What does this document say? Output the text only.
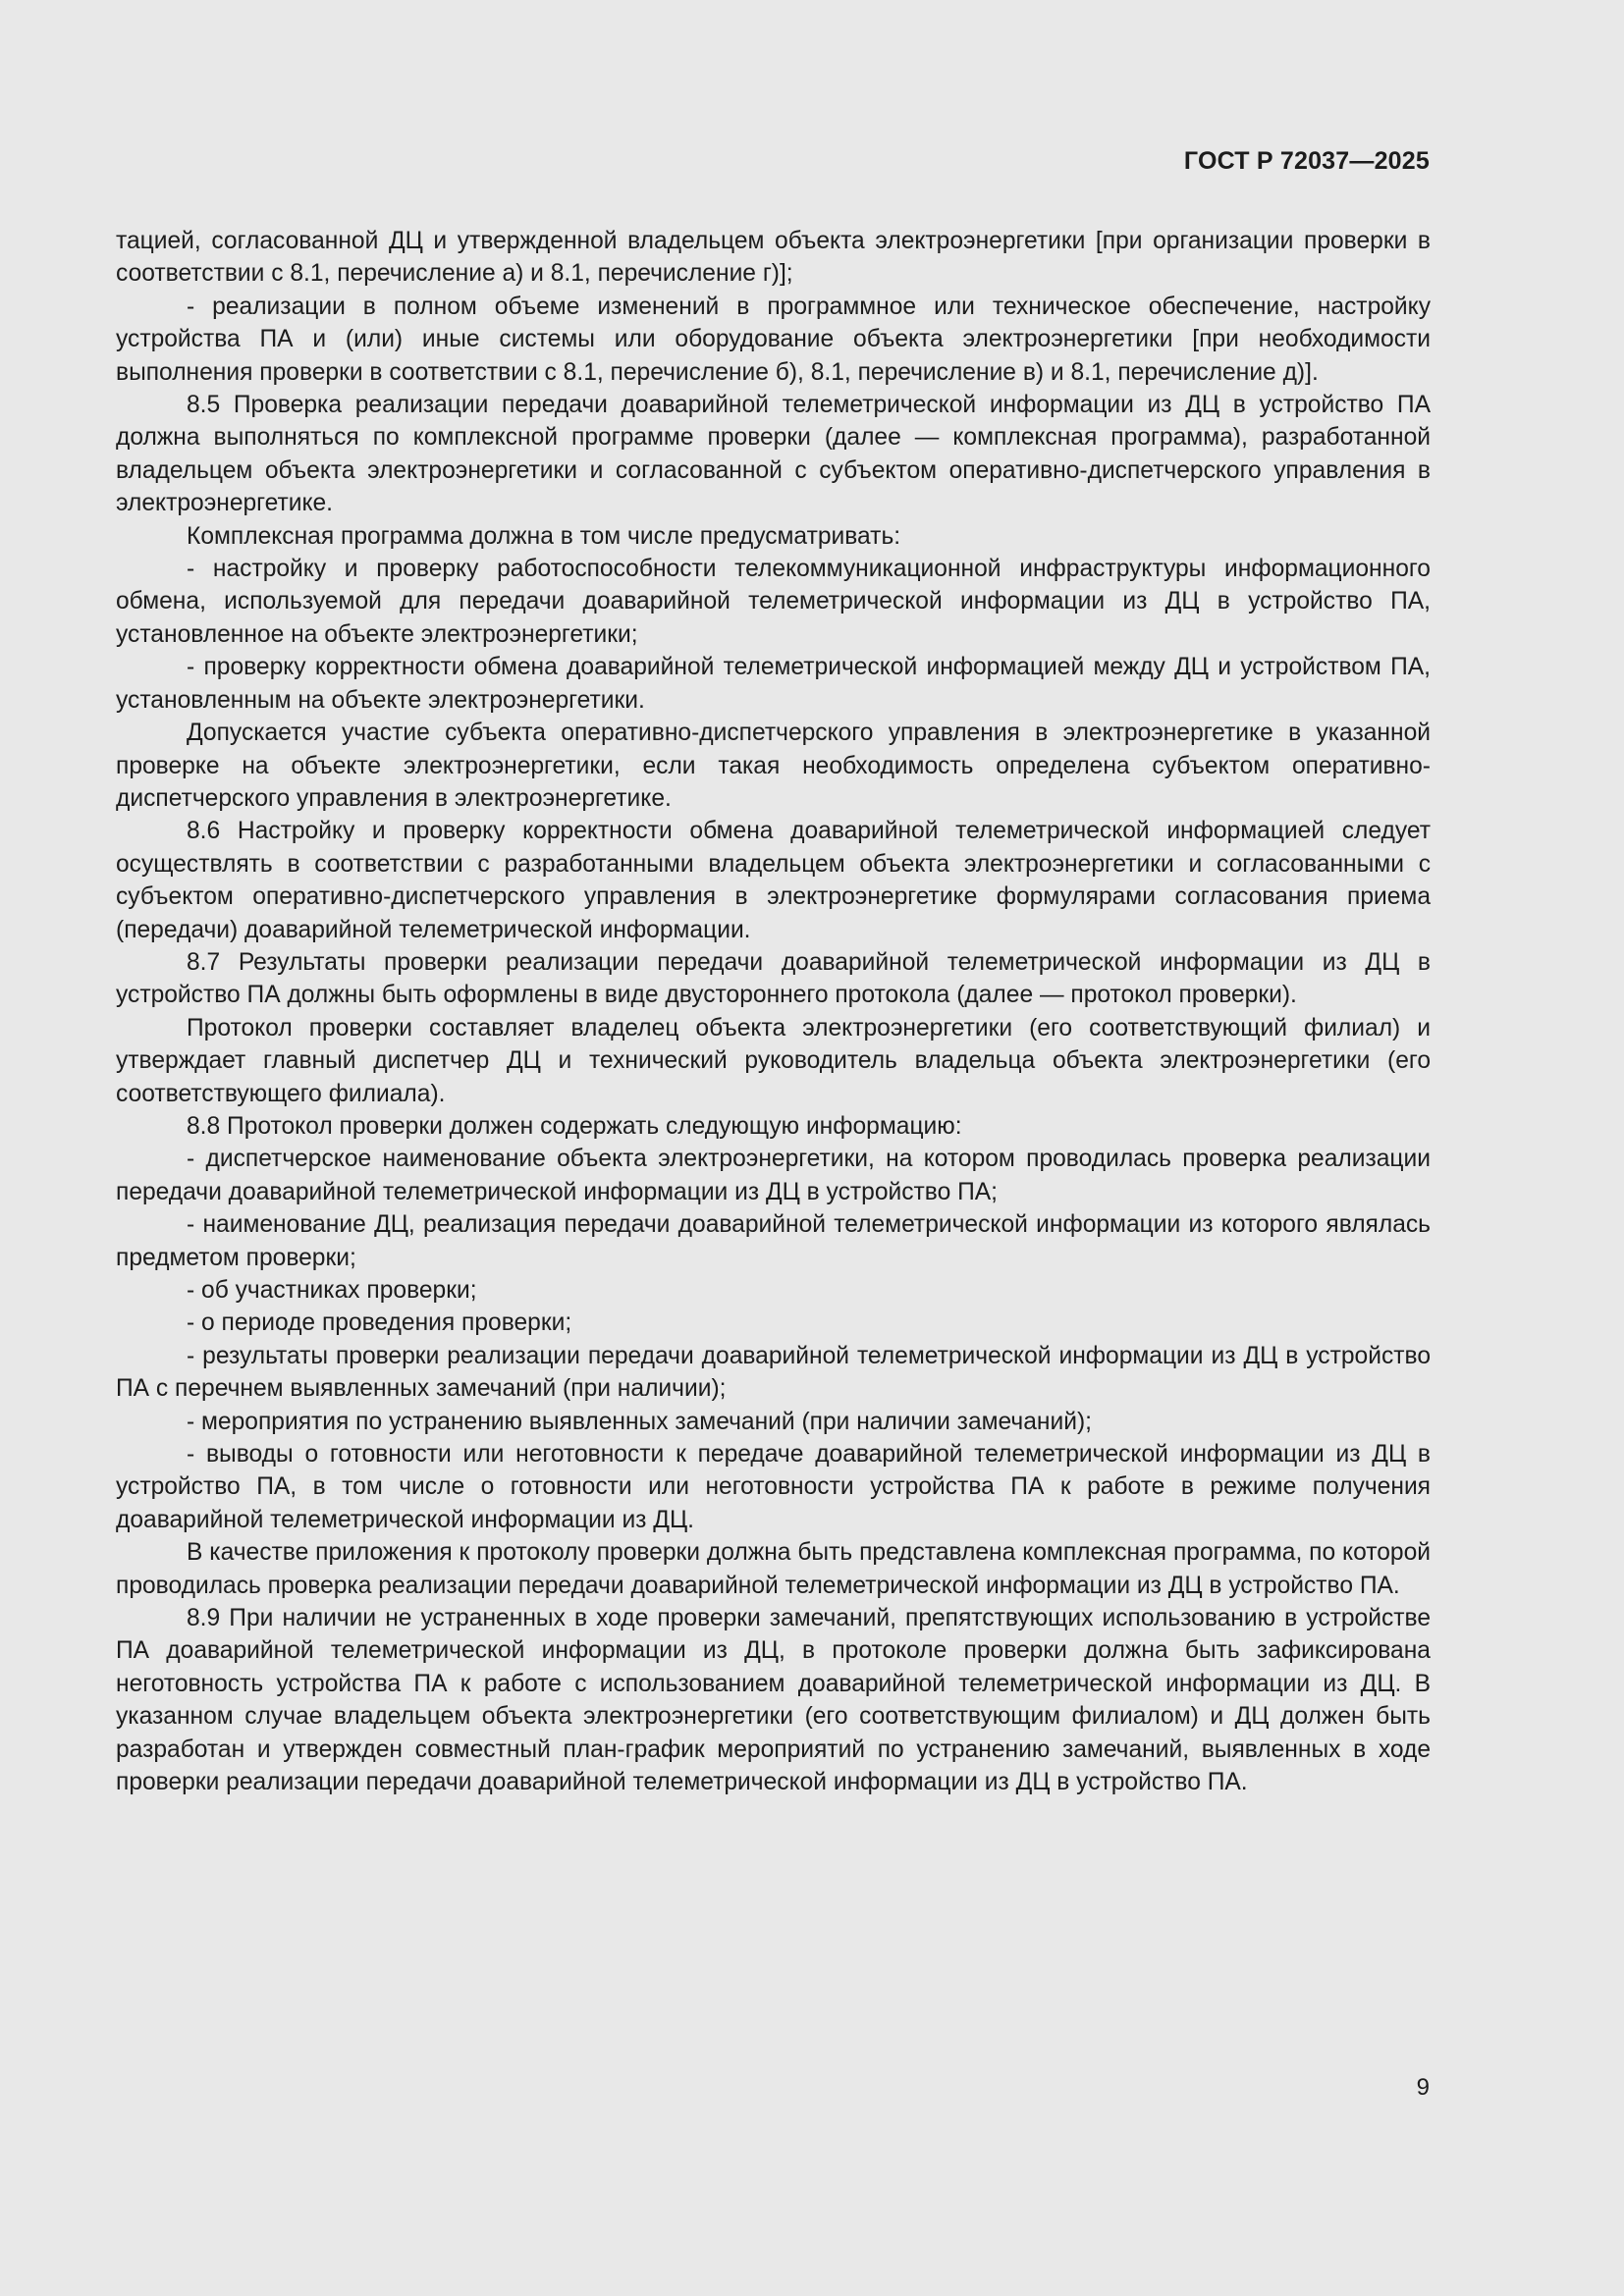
ГОСТ Р 72037—2025

тацией, согласованной ДЦ и утвержденной владельцем объекта электроэнергетики [при организации проверки в соответствии с 8.1, перечисление а) и 8.1, перечисление г)];

- реализации в полном объеме изменений в программное или техническое обеспечение, настройку устройства ПА и (или) иные системы или оборудование объекта электроэнергетики [при необходимости выполнения проверки в соответствии с 8.1, перечисление б), 8.1, перечисление в) и 8.1, перечисление д)].

8.5 Проверка реализации передачи доаварийной телеметрической информации из ДЦ в устройство ПА должна выполняться по комплексной программе проверки (далее — комплексная программа), разработанной владельцем объекта электроэнергетики и согласованной с субъектом оперативно-диспетчерского управления в электроэнергетике.

Комплексная программа должна в том числе предусматривать:

- настройку и проверку работоспособности телекоммуникационной инфраструктуры информационного обмена, используемой для передачи доаварийной телеметрической информации из ДЦ в устройство ПА, установленное на объекте электроэнергетики;

- проверку корректности обмена доаварийной телеметрической информацией между ДЦ и устройством ПА, установленным на объекте электроэнергетики.

Допускается участие субъекта оперативно-диспетчерского управления в электроэнергетике в указанной проверке на объекте электроэнергетики, если такая необходимость определена субъектом оперативно-диспетчерского управления в электроэнергетике.

8.6 Настройку и проверку корректности обмена доаварийной телеметрической информацией следует осуществлять в соответствии с разработанными владельцем объекта электроэнергетики и согласованными с субъектом оперативно-диспетчерского управления в электроэнергетике формулярами согласования приема (передачи) доаварийной телеметрической информации.

8.7 Результаты проверки реализации передачи доаварийной телеметрической информации из ДЦ в устройство ПА должны быть оформлены в виде двустороннего протокола (далее — протокол проверки).

Протокол проверки составляет владелец объекта электроэнергетики (его соответствующий филиал) и утверждает главный диспетчер ДЦ и технический руководитель владельца объекта электроэнергетики (его соответствующего филиала).

8.8 Протокол проверки должен содержать следующую информацию:

- диспетчерское наименование объекта электроэнергетики, на котором проводилась проверка реализации передачи доаварийной телеметрической информации из ДЦ в устройство ПА;

- наименование ДЦ, реализация передачи доаварийной телеметрической информации из которого являлась предметом проверки;

- об участниках проверки;

- о периоде проведения проверки;

- результаты проверки реализации передачи доаварийной телеметрической информации из ДЦ в устройство ПА с перечнем выявленных замечаний (при наличии);

- мероприятия по устранению выявленных замечаний (при наличии замечаний);

- выводы о готовности или неготовности к передаче доаварийной телеметрической информации из ДЦ в устройство ПА, в том числе о готовности или неготовности устройства ПА к работе в режиме получения доаварийной телеметрической информации из ДЦ.

В качестве приложения к протоколу проверки должна быть представлена комплексная программа, по которой проводилась проверка реализации передачи доаварийной телеметрической информации из ДЦ в устройство ПА.

8.9 При наличии не устраненных в ходе проверки замечаний, препятствующих использованию в устройстве ПА доаварийной телеметрической информации из ДЦ, в протоколе проверки должна быть зафиксирована неготовность устройства ПА к работе с использованием доаварийной телеметрической информации из ДЦ. В указанном случае владельцем объекта электроэнергетики (его соответствующим филиалом) и ДЦ должен быть разработан и утвержден совместный план-график мероприятий по устранению замечаний, выявленных в ходе проверки реализации передачи доаварийной телеметрической информации из ДЦ в устройство ПА.

9
